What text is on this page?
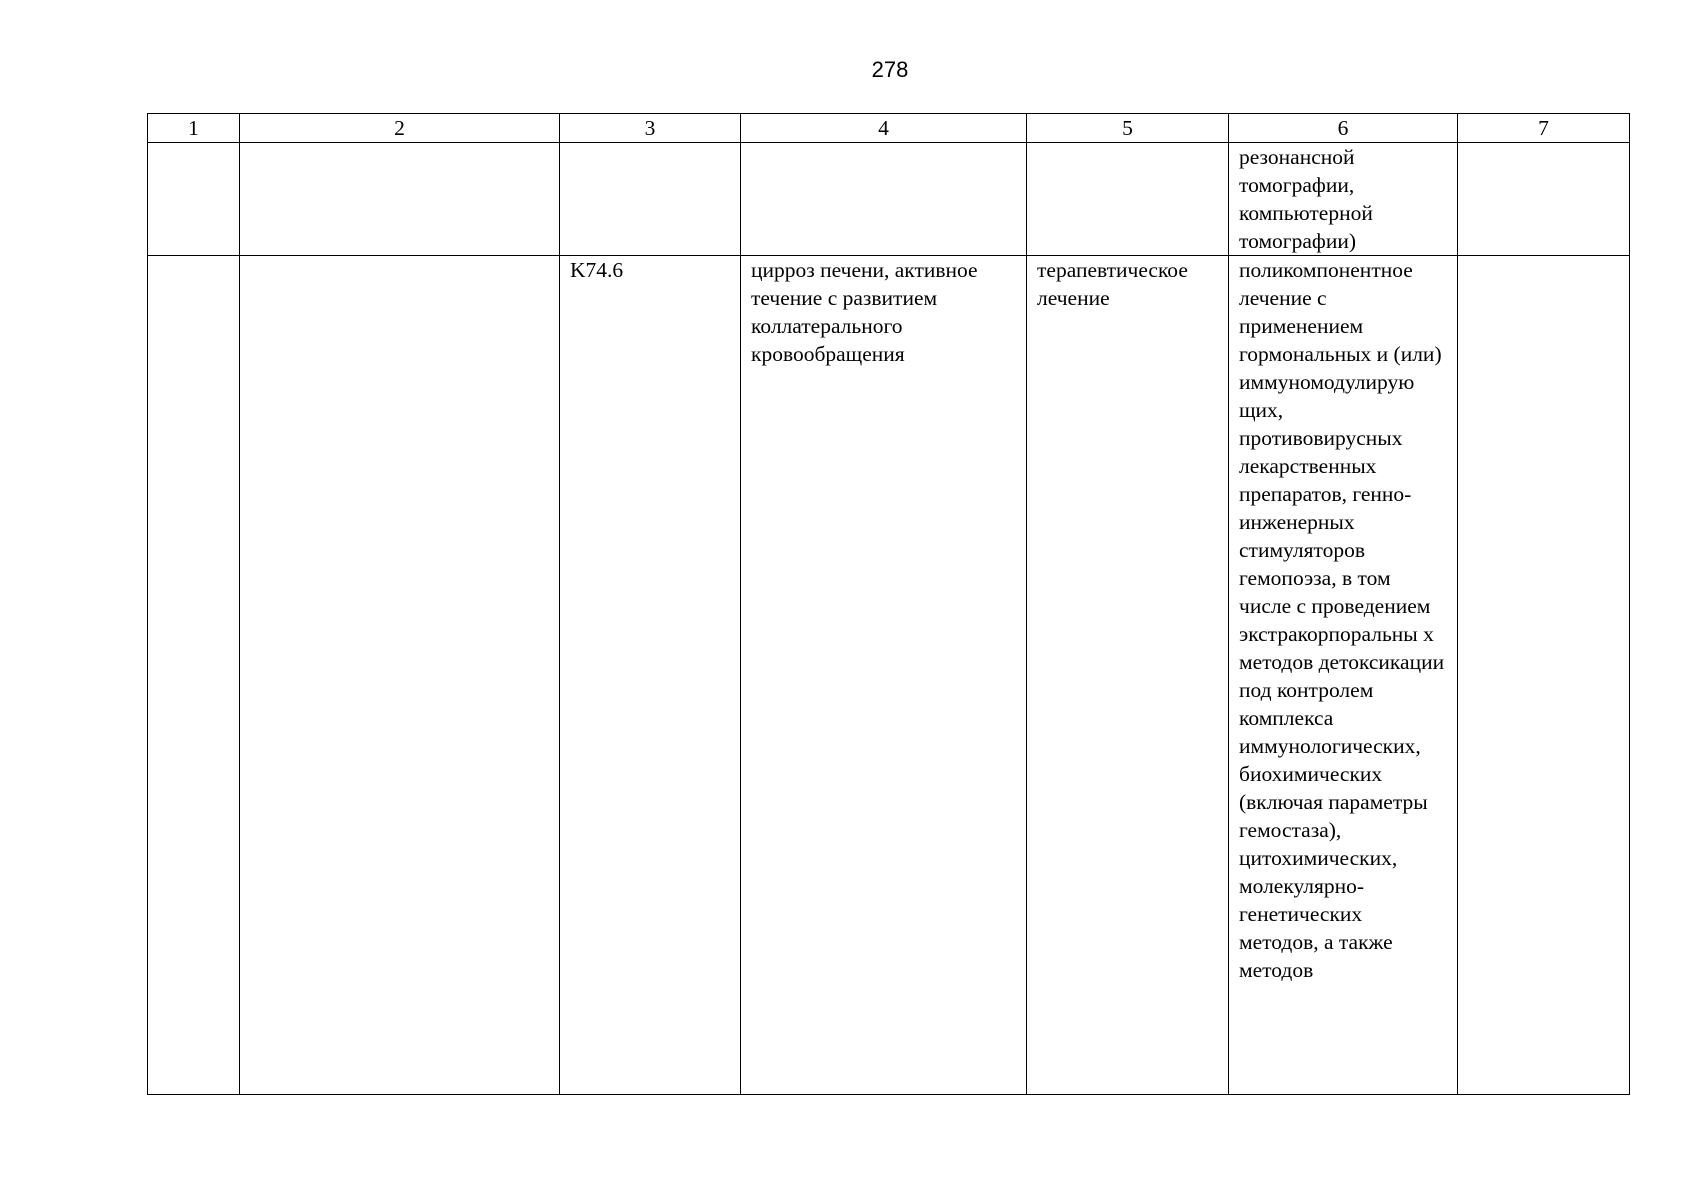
278
1	2	3	4	5	6	7
					резонансной томографии, компьютерной томографии)	
		K74.6	цирроз печени, активное течение с развитием коллатерального кровообращения	терапевтическое лечение	поликомпонентное лечение с применением гормональных и (или) иммуномодулирую щих, противовирусных лекарственных препаратов, генно-инженерных стимуляторов гемопоэза, в том числе с проведением экстракорпоральны х методов детоксикации под контролем комплекса иммунологических, биохимических (включая параметры гемостаза), цитохимических, молекулярно-генетических методов, а также методов	
